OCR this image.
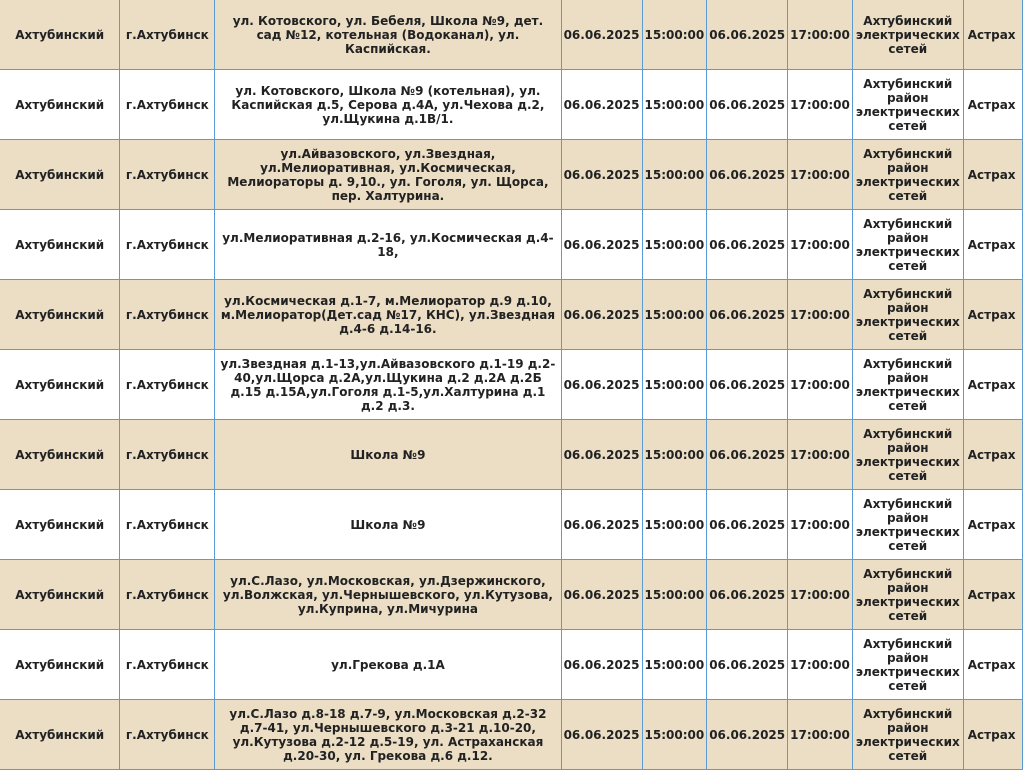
Ахтубинский	г.Ахтубинск	ул. Котовского, ул. Бебеля, Школа №9, дет. сад №12, котельная (Водоканал), ул. Каспийская.	06.06.2025	15:00:00	06.06.2025	17:00:00	Ахтубинский электрических сетей	Астрах
Ахтубинский	г.Ахтубинск	ул. Котовского, Школа №9 (котельная), ул. Каспийская д.5, Серова д.4А, ул.Чехова д.2, ул.Щукина д.1В/1.	06.06.2025	15:00:00	06.06.2025	17:00:00	Ахтубинский район электрических сетей	Астрах
Ахтубинский	г.Ахтубинск	ул.Айвазовского, ул.Звездная, ул.Мелиоративная, ул.Космическая, Мелиораторы д. 9,10., ул. Гоголя, ул. Щорса, пер. Халтурина.	06.06.2025	15:00:00	06.06.2025	17:00:00	Ахтубинский район электрических сетей	Астрах
Ахтубинский	г.Ахтубинск	ул.Мелиоративная д.2-16, ул.Космическая д.4-18,	06.06.2025	15:00:00	06.06.2025	17:00:00	Ахтубинский район электрических сетей	Астрах
Ахтубинский	г.Ахтубинск	ул.Космическая д.1-7, м.Мелиоратор д.9 д.10, м.Мелиоратор(Дет.сад №17, КНС), ул.Звездная д.4-6 д.14-16.	06.06.2025	15:00:00	06.06.2025	17:00:00	Ахтубинский район электрических сетей	Астрах
Ахтубинский	г.Ахтубинск	ул.Звездная д.1-13,ул.Айвазовского д.1-19 д.2-40,ул.Щорса д.2А,ул.Щукина д.2 д.2А д.2Б д.15 д.15А,ул.Гоголя д.1-5,ул.Халтурина д.1 д.2 д.3.	06.06.2025	15:00:00	06.06.2025	17:00:00	Ахтубинский район электрических сетей	Астрах
Ахтубинский	г.Ахтубинск	Школа №9	06.06.2025	15:00:00	06.06.2025	17:00:00	Ахтубинский район электрических сетей	Астрах
Ахтубинский	г.Ахтубинск	Школа №9	06.06.2025	15:00:00	06.06.2025	17:00:00	Ахтубинский район электрических сетей	Астрах
Ахтубинский	г.Ахтубинск	ул.С.Лазо, ул.Московская, ул.Дзержинского, ул.Волжская, ул.Чернышевского, ул.Кутузова, ул.Куприна, ул.Мичурина	06.06.2025	15:00:00	06.06.2025	17:00:00	Ахтубинский район электрических сетей	Астрах
Ахтубинский	г.Ахтубинск	ул.Грекова д.1А	06.06.2025	15:00:00	06.06.2025	17:00:00	Ахтубинский район электрических сетей	Астрах
Ахтубинский	г.Ахтубинск	ул.С.Лазо д.8-18 д.7-9, ул.Московская д.2-32 д.7-41, ул.Чернышевского д.3-21 д.10-20, ул.Кутузова д.2-12 д.5-19, ул. Астраханская д.20-30, ул. Грекова д.6 д.12.	06.06.2025	15:00:00	06.06.2025	17:00:00	Ахтубинский район электрических сетей	Астрах
